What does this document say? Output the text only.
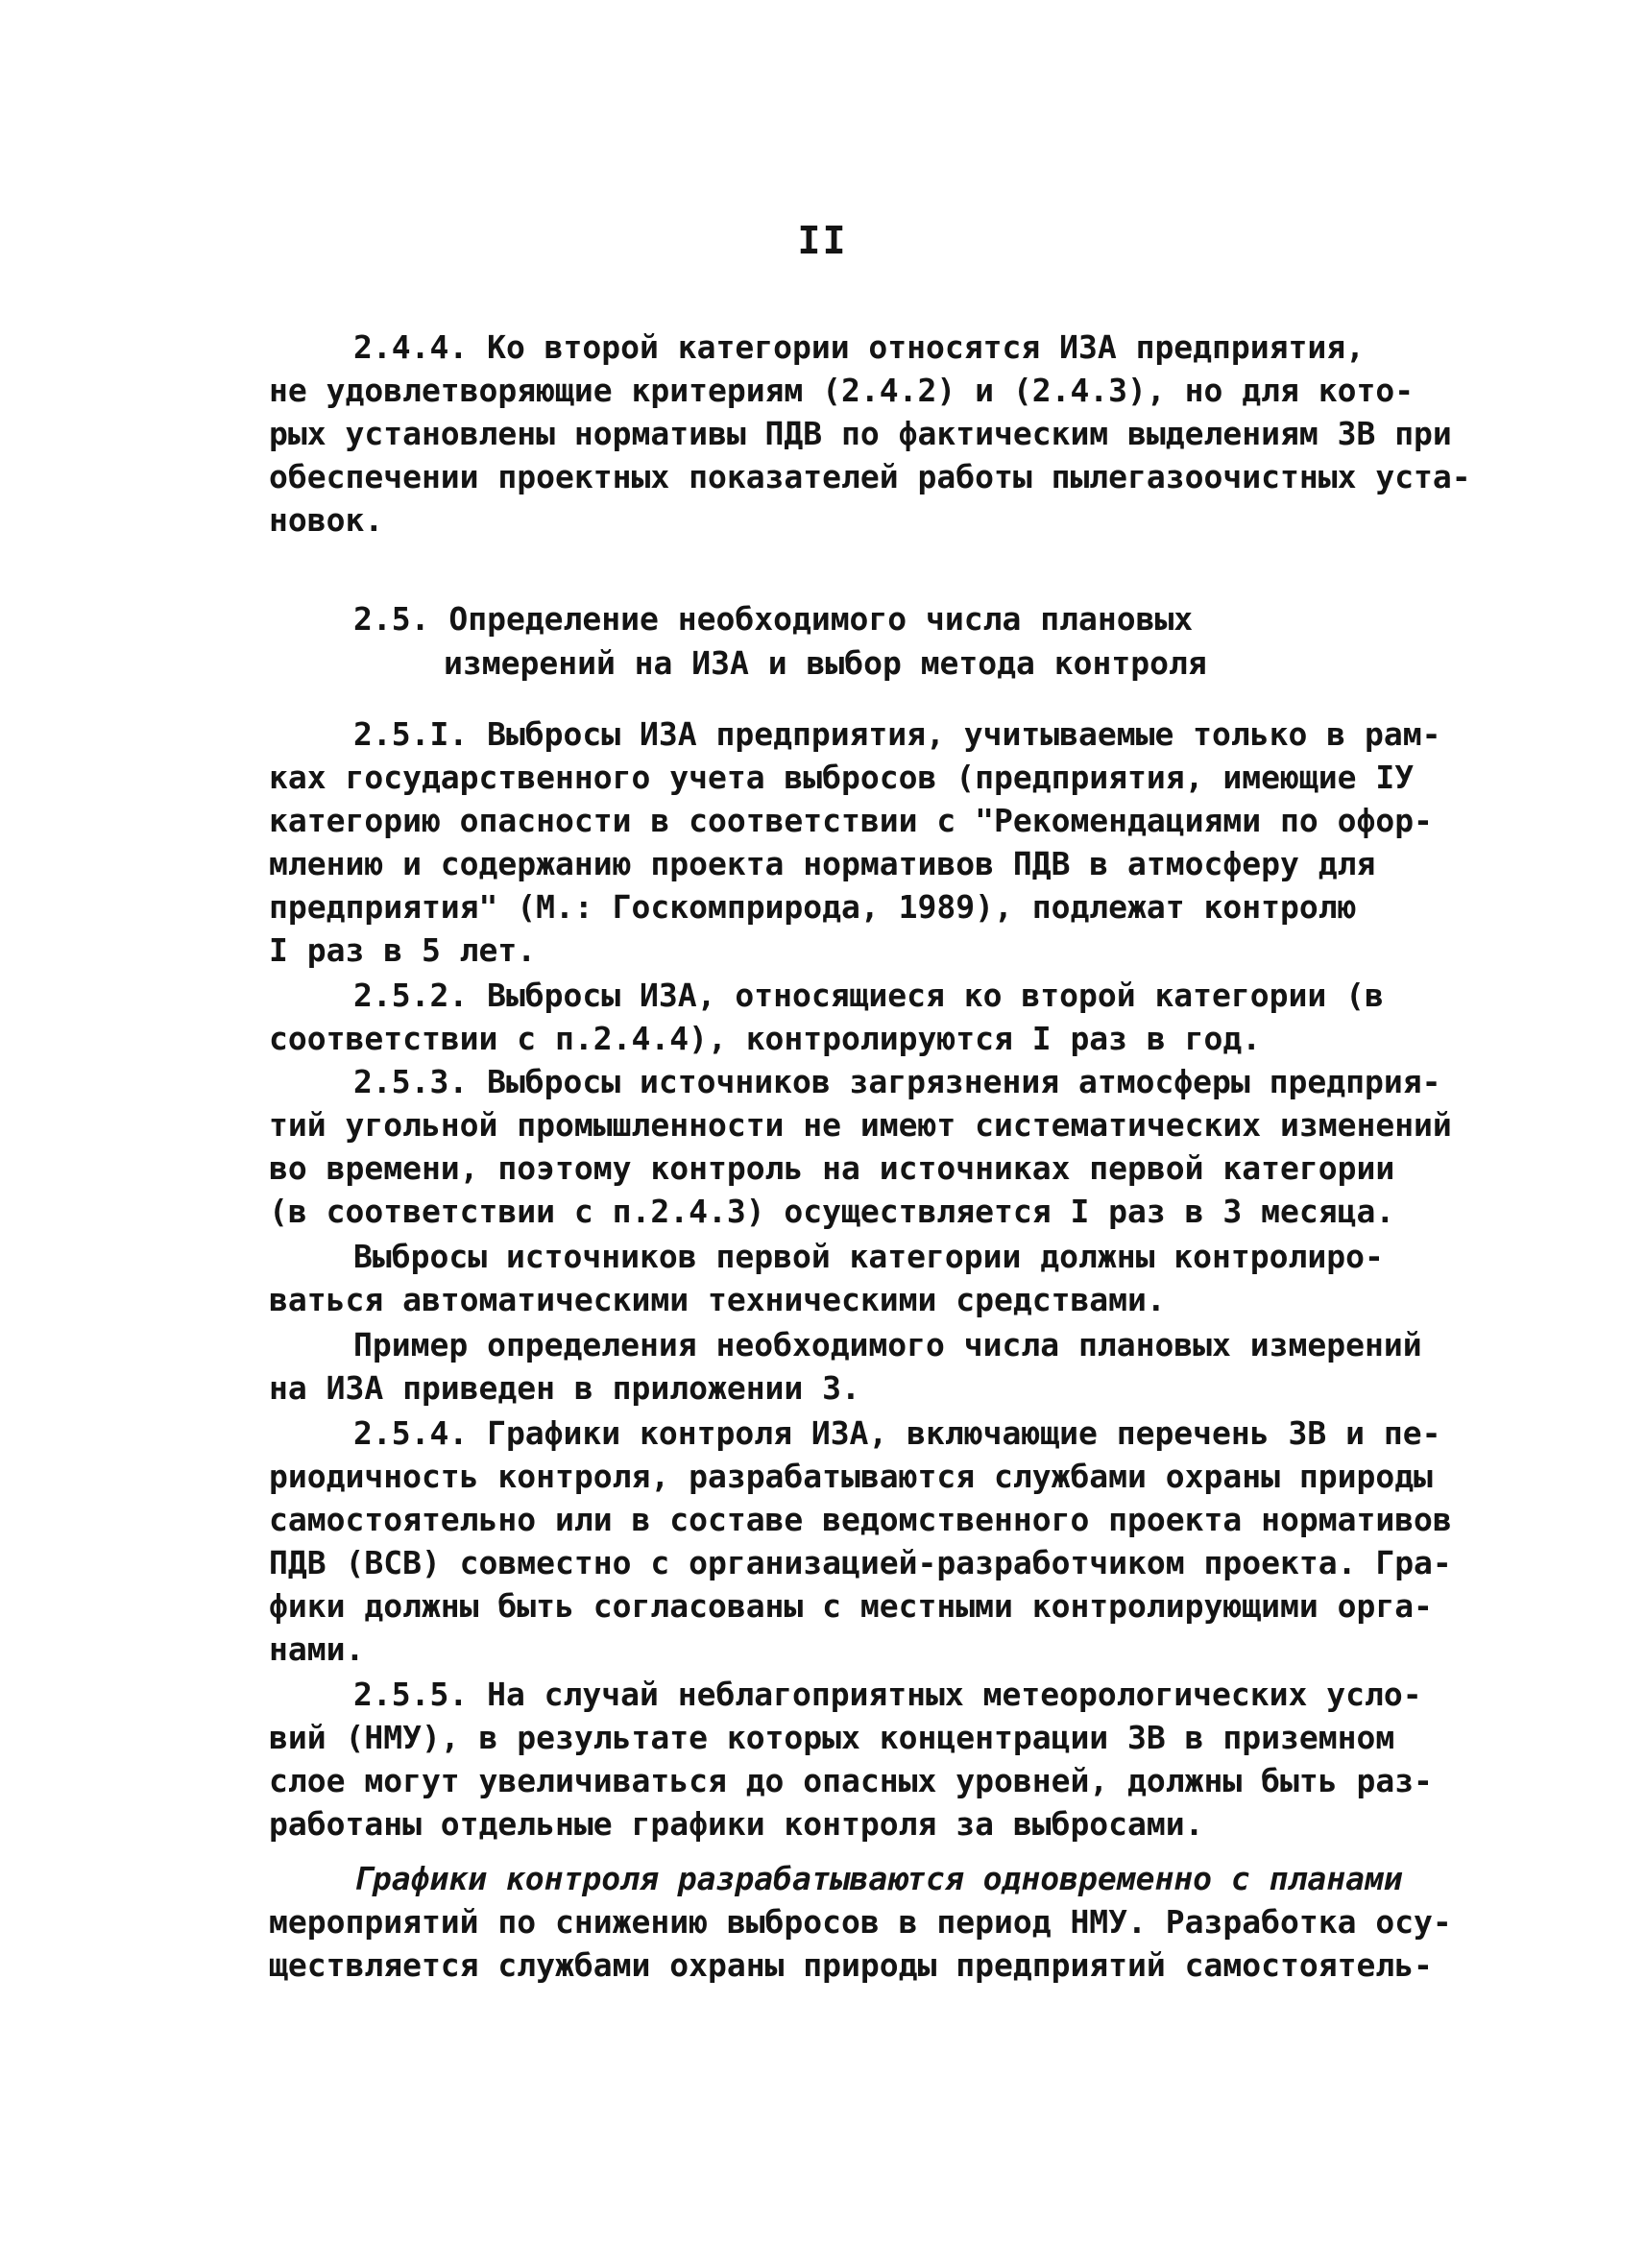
II
2.4.4. Ко второй категории относятся ИЗА предприятия,
не удовлетворяющие критериям (2.4.2) и (2.4.3), но для кото-
рых установлены нормативы ПДВ по фактическим выделениям ЗВ при
обеспечении проектных показателей работы пылегазоочистных уста-
новок.
2.5. Определение необходимого числа плановых
измерений на ИЗА и выбор метода контроля
2.5.I. Выбросы ИЗА предприятия, учитываемые только в рам-
ках государственного учета выбросов (предприятия, имеющие IУ
категорию опасности в соответствии с "Рекомендациями по офор-
млению и содержанию проекта нормативов ПДВ в атмосферу для
предприятия" (М.: Госкомприрода, 1989), подлежат контролю
I раз в 5 лет.
2.5.2. Выбросы ИЗА, относящиеся ко второй категории (в
соответствии с п.2.4.4), контролируются I раз в год.
2.5.3. Выбросы источников загрязнения атмосферы предприя-
тий угольной промышленности не имеют систематических изменений
во времени, поэтому контроль на источниках первой категории
(в соответствии с п.2.4.3) осуществляется I раз в 3 месяца.
Выбросы источников первой категории должны контролиро-
ваться автоматическими техническими средствами.
Пример определения необходимого числа плановых измерений
на ИЗА приведен в приложении 3.
2.5.4. Графики контроля ИЗА, включающие перечень ЗВ и пе-
риодичность контроля, разрабатываются службами охраны природы
самостоятельно или в составе ведомственного проекта нормативов
ПДВ (ВСВ) совместно с организацией-разработчиком проекта. Гра-
фики должны быть согласованы с местными контролирующими орга-
нами.
2.5.5. На случай неблагоприятных метеорологических усло-
вий (НМУ), в результате которых концентрации ЗВ в приземном
слое могут увеличиваться до опасных уровней, должны быть раз-
работаны отдельные графики контроля за выбросами.
Графики контроля разрабатываются одновременно с планами
мероприятий по снижению выбросов в период НМУ. Разработка осу-
ществляется службами охраны природы предприятий самостоятель-
